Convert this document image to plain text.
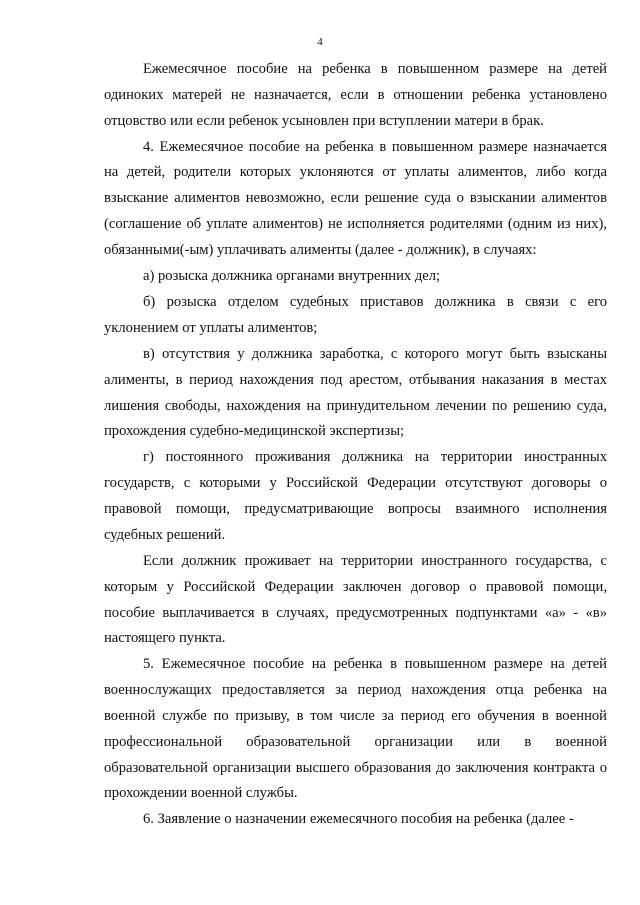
4

Ежемесячное пособие на ребенка в повышенном размере на детей одиноких матерей не назначается, если в отношении ребенка установлено отцовство или если ребенок усыновлен при вступлении матери в брак.

4. Ежемесячное пособие на ребенка в повышенном размере назначается на детей, родители которых уклоняются от уплаты алиментов, либо когда взыскание алиментов невозможно, если решение суда о взыскании алиментов (соглашение об уплате алиментов) не исполняется родителями (одним из них), обязанными(-ым) уплачивать алименты (далее - должник), в случаях:

а) розыска должника органами внутренних дел;

б) розыска отделом судебных приставов должника в связи с его уклонением от уплаты алиментов;

в) отсутствия у должника заработка, с которого могут быть взысканы алименты, в период нахождения под арестом, отбывания наказания в местах лишения свободы, нахождения на принудительном лечении по решению суда, прохождения судебно-медицинской экспертизы;

г) постоянного проживания должника на территории иностранных государств, с которыми у Российской Федерации отсутствуют договоры о правовой помощи, предусматривающие вопросы взаимного исполнения судебных решений.

Если должник проживает на территории иностранного государства, с которым у Российской Федерации заключен договор о правовой помощи, пособие выплачивается в случаях, предусмотренных подпунктами «а» - «в» настоящего пункта.

5. Ежемесячное пособие на ребенка в повышенном размере на детей военнослужащих предоставляется за период нахождения отца ребенка на военной службе по призыву, в том числе за период его обучения в военной профессиональной образовательной организации или в военной образовательной организации высшего образования до заключения контракта о прохождении военной службы.

6. Заявление о назначении ежемесячного пособия на ребенка (далее -
